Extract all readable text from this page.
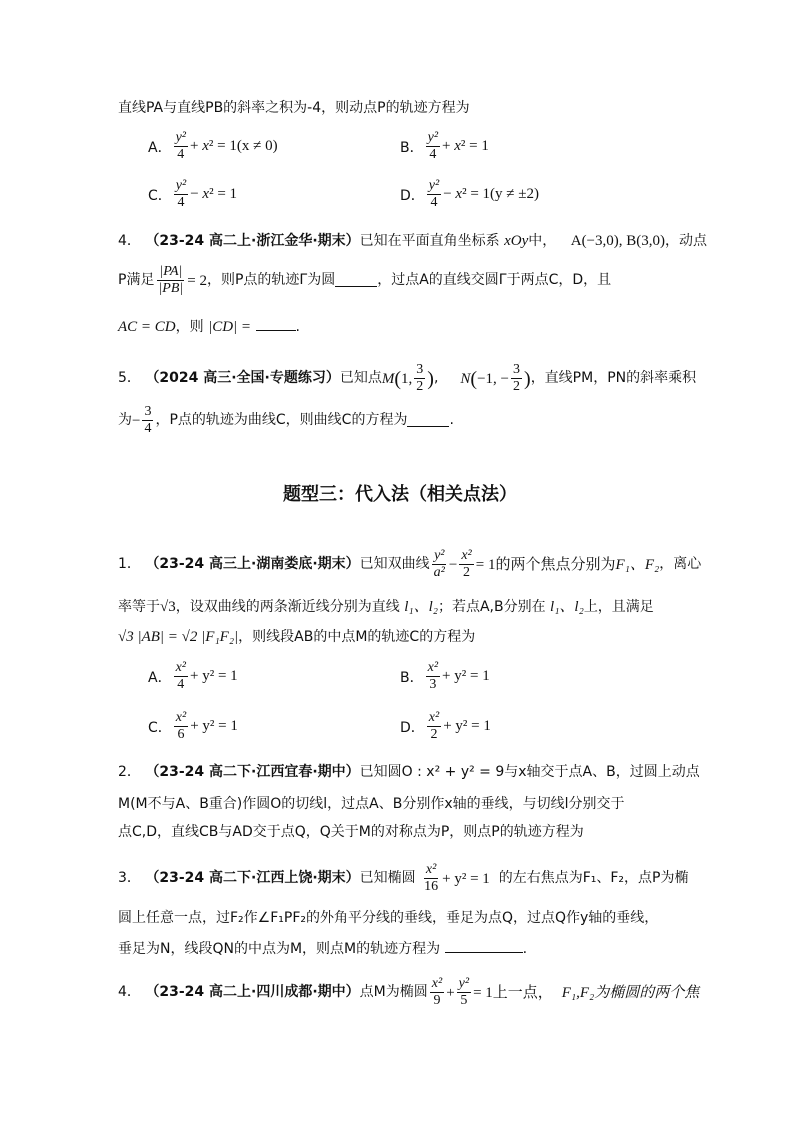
直线PA与直线PB的斜率之积为-4，则动点P的轨迹方程为
A． $\frac{\text{y²}}{4} + x^2 = 1(x \ne 0)$	B． $\frac{\text{y²}}{4} + x^2 = 1$
C． $\frac{\text{y²}}{4} - x^2 = 1$	D． $\frac{\text{y²}}{4} - x^2 = 1(y \ne \pm 2)$
4． （23-24 高二上·浙江金华·期末）已知在平面直角坐标系 xOy中， A(−3,0), B(3,0)，动点
P满足 $\frac{|PA|}{|PB|} = 2$ ，则P点的轨迹Γ为圆	，过点A的直线交圆Γ于两点C，D，且
AC = CD，则 |CD| =	.
5．
（2024 高三·全国·专题练习） 已知点 M ( 1, $\frac{3}{2}$ ) , N ( −1, − $\frac{3}{2}$ ) ，直线PM，PN的斜率乘积
为 − $\frac{3}{4}$ ，P点的轨迹为曲线C，则曲线C的方程为	.
题型三：代入法（相关点法）
1．
（23-24 高三上·湖南娄底·期末） 已知双曲线 $\frac{\text{y²}}{\text{a²}} - \frac{\text{x²}}{2} = 1$的两个焦点分别为 F₁、F₂ ，离心
率等于√3，设双曲线的两条渐近线分别为直线 l₁、l₂；若点A,B分别在 l₁、l₂上，且满足
√3 |AB| = √2 |F₁F₂|，则线段AB的中点M的轨迹C的方程为
A． $\frac{\text{x²}}{4} + y^2 = 1$	B． $\frac{\text{x²}}{3} + y^2 = 1$
C． $\frac{\text{x²}}{6} + y^2 = 1$	D． $\frac{\text{x²}}{2} + y^2 = 1$
2． （23-24 高二下·江西宜春·期中）已知圆O : x² + y² = 9与x轴交于点A、B，过圆上动点
M(M不与A、B重合)作圆O的切线l，过点A、B分别作x轴的垂线，与切线l分别交于
点C,D，直线CB与AD交于点Q，Q关于M的对称点为P，则点P的轨迹方程为
3．
（23-24 高二下·江西上饶·期末） 已知椭圆
$\frac{\text{x²}}{16} + y^2 = 1$
的左右焦点为F₁、F₂，点P为椭
圆上任意一点，过F₂作∠F₁PF₂的外角平分线的垂线，垂足为点Q，过点Q作y轴的垂线，
垂足为N，线段QN的中点为M，则点M的轨迹方程为	.
4．
（23-24 高二上·四川成都·期中） 点M为椭圆 $\frac{\text{x²}}{9} + \frac{\text{y²}}{5} = 1$上一点，
F₁,F₂为椭圆的两个焦
